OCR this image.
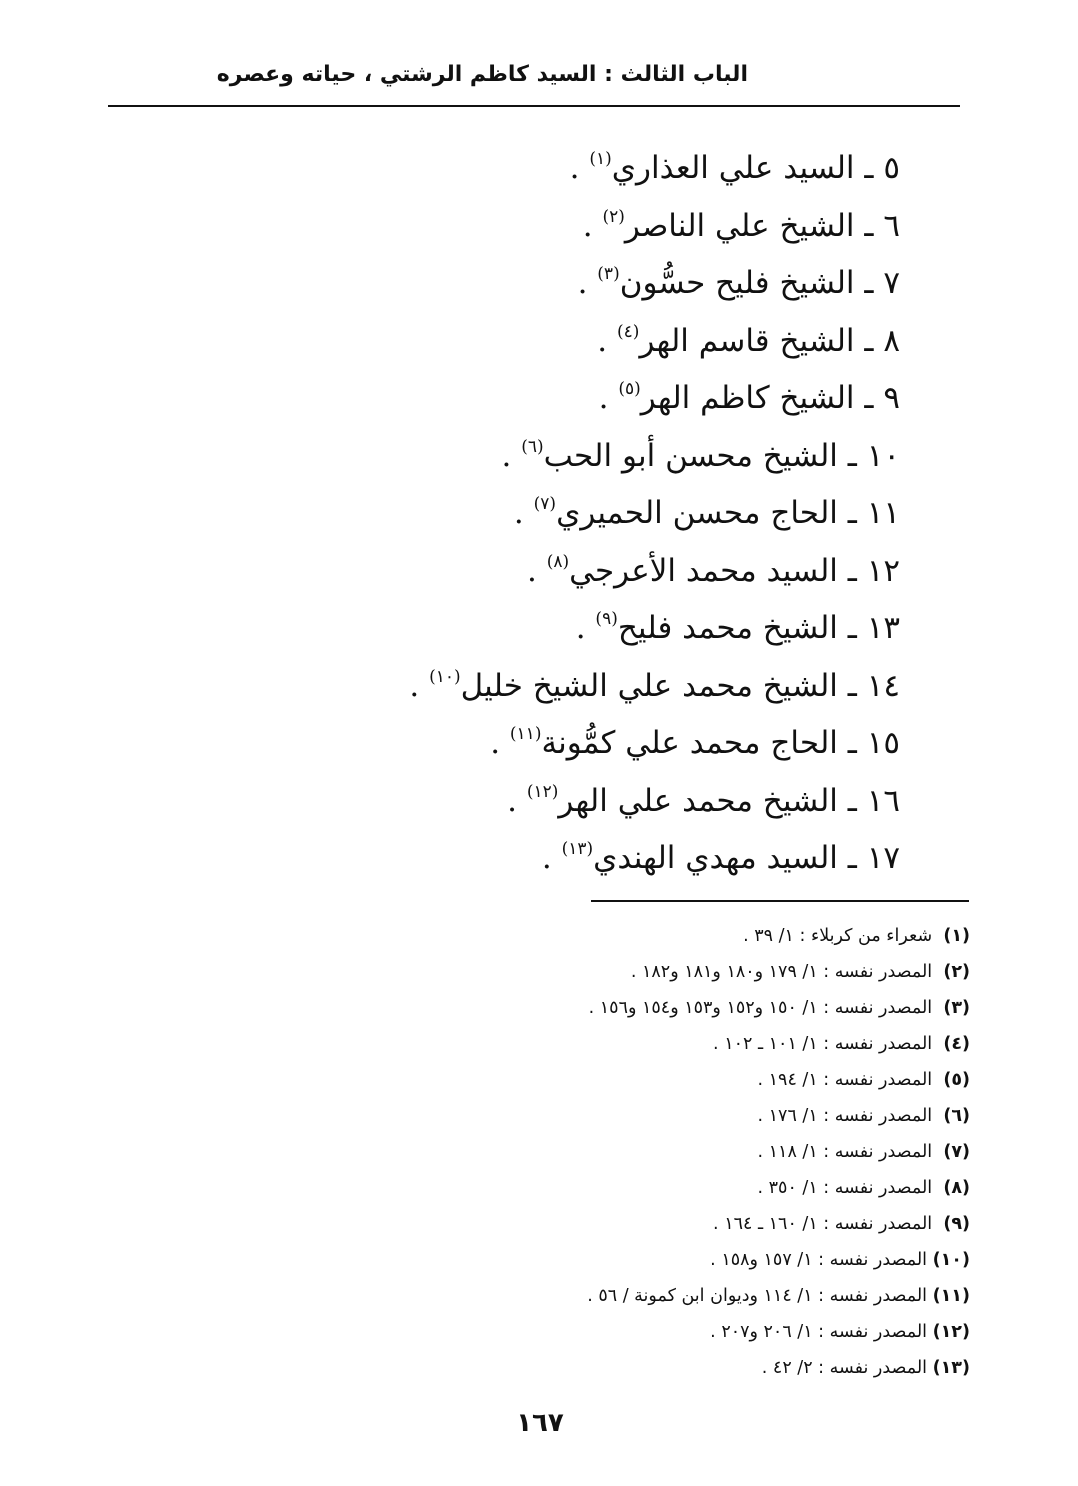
الباب الثالث : السيد كاظم الرشتي ، حياته وعصره
٥ ـ السيد علي العذاري$^{(١)}$ .
٦ ـ الشيخ علي الناصر$^{(٢)}$ .
٧ ـ الشيخ فليح حسُّون$^{(٣)}$ .
٨ ـ الشيخ قاسم الهر$^{(٤)}$ .
٩ ـ الشيخ كاظم الهر$^{(٥)}$ .
١٠ ـ الشيخ محسن أبو الحب$^{(٦)}$ .
١١ ـ الحاج محسن الحميري$^{(٧)}$ .
١٢ ـ السيد محمد الأعرجي$^{(٨)}$ .
١٣ ـ الشيخ محمد فليح$^{(٩)}$ .
١٤ ـ الشيخ محمد علي الشيخ خليل$^{(١٠)}$ .
١٥ ـ الحاج محمد علي كمُّونة$^{(١١)}$ .
١٦ ـ الشيخ محمد علي الهر$^{(١٢)}$ .
١٧ ـ السيد مهدي الهندي$^{(١٣)}$ .
(١)  شعراء من كربلاء : ١/ ٣٩ .
(٢)  المصدر نفسه : ١/ ١٧٩ و١٨٠ و١٨١ و١٨٢ .
(٣)  المصدر نفسه : ١/ ١٥٠ و١٥٢ و١٥٣ و١٥٤ و١٥٦ .
(٤)  المصدر نفسه : ١/ ١٠١ ـ ١٠٢ .
(٥)  المصدر نفسه : ١/ ١٩٤ .
(٦)  المصدر نفسه : ١/ ١٧٦ .
(٧)  المصدر نفسه : ١/ ١١٨ .
(٨)  المصدر نفسه : ١/ ٣٥٠ .
(٩)  المصدر نفسه : ١/ ١٦٠ ـ ١٦٤ .
(١٠) المصدر نفسه : ١/ ١٥٧ و١٥٨ .
(١١) المصدر نفسه : ١/ ١١٤ وديوان ابن كمونة / ٥٦ .
(١٢) المصدر نفسه : ١/ ٢٠٦ و٢٠٧ .
(١٣) المصدر نفسه : ٢/ ٤٢ .
١٦٧
